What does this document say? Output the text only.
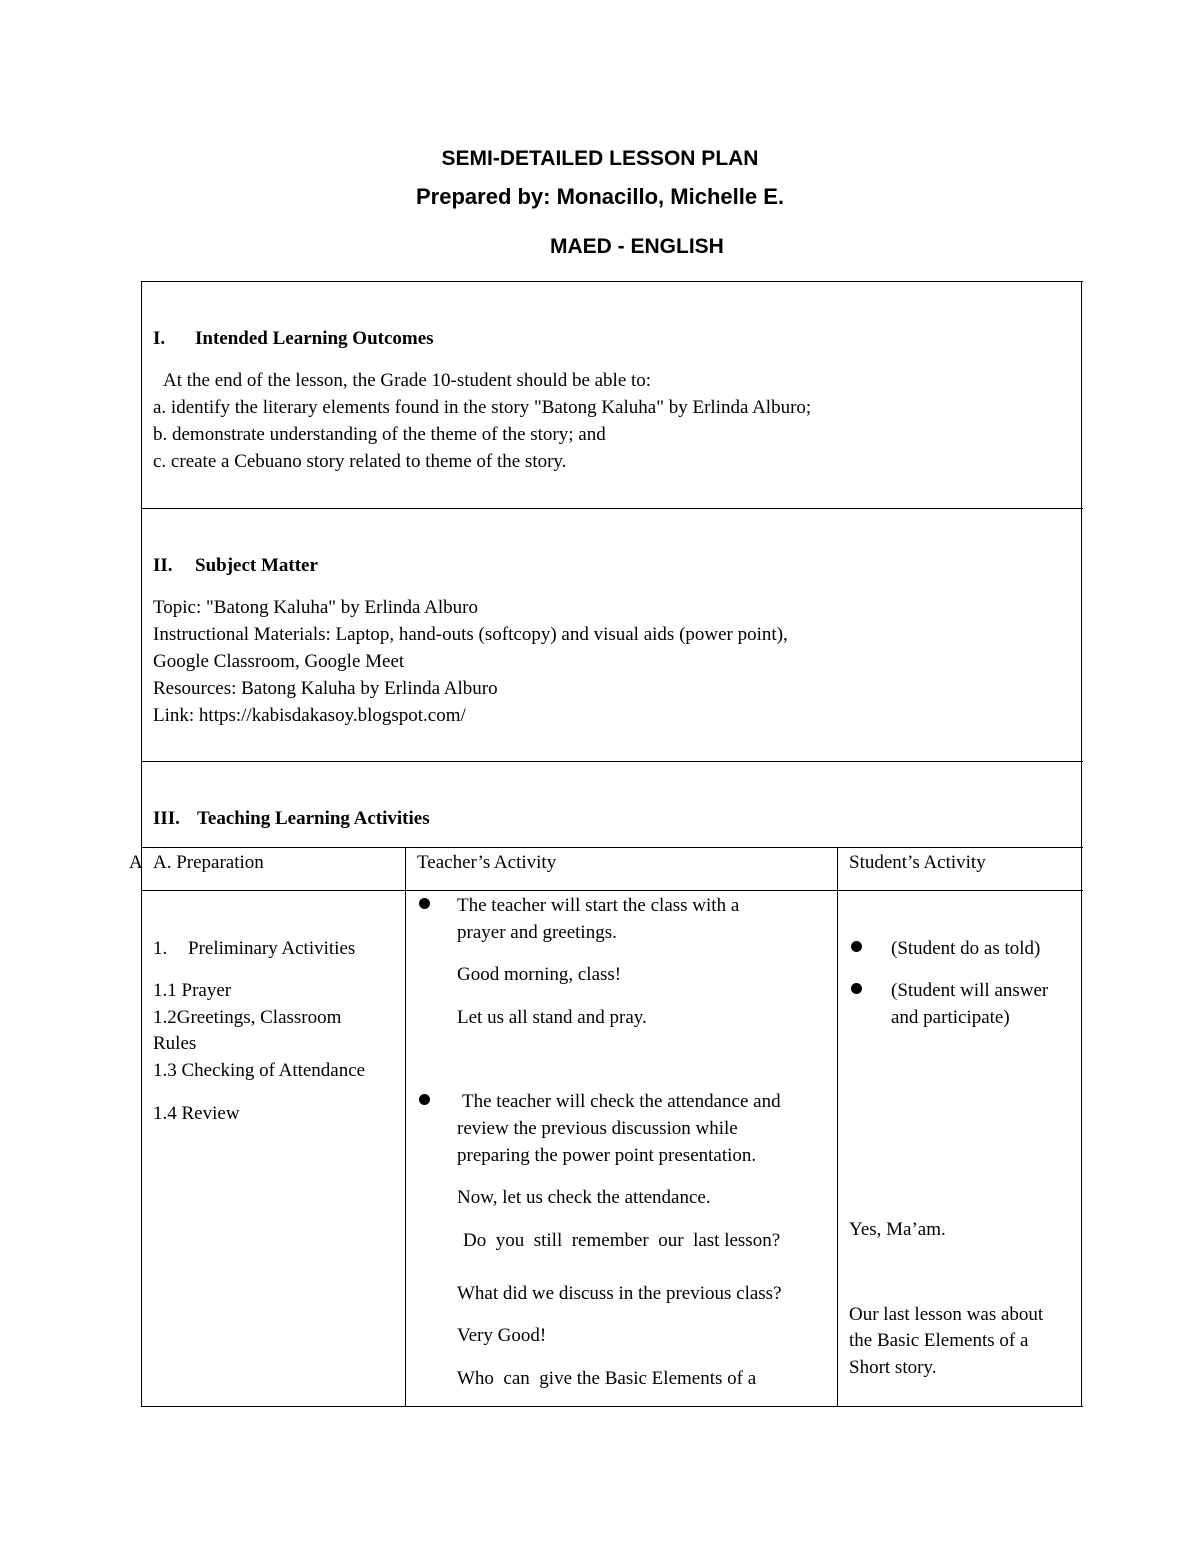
SEMI-DETAILED LESSON PLAN
Prepared by: Monacillo, Michelle E.
MAED - ENGLISH
I. Intended Learning Outcomes
At the end of the lesson, the Grade 10-student should be able to:
a. identify the literary elements found in the story "Batong Kaluha" by Erlinda Alburo;
b. demonstrate understanding of the theme of the story; and
c. create a Cebuano story related to theme of the story.
II. Subject Matter
Topic: "Batong Kaluha" by Erlinda Alburo
Instructional Materials: Laptop, hand-outs (softcopy) and visual aids (power point),
Google Classroom, Google Meet
Resources: Batong Kaluha by Erlinda Alburo
Link: https://kabisdakasoy.blogspot.com/
III. Teaching Learning Activities
A A. Preparation	Teacher’s Activity	Student’s Activity
1. Preliminary Activities
1.1 Prayer
1.2Greetings, Classroom
Rules
1.3 Checking of Attendance
1.4 Review
The teacher will start the class with a
prayer and greetings.
Good morning, class!
Let us all stand and pray.
The teacher will check the attendance and
review the previous discussion while
preparing the power point presentation.
Now, let us check the attendance.
Do  you  still  remember  our  last lesson?
What did we discuss in the previous class?
Very Good!
Who  can  give the Basic Elements of a
(Student do as told)
(Student will answer
and participate)
Yes, Ma’am.
Our last lesson was about
the Basic Elements of a
Short story.
